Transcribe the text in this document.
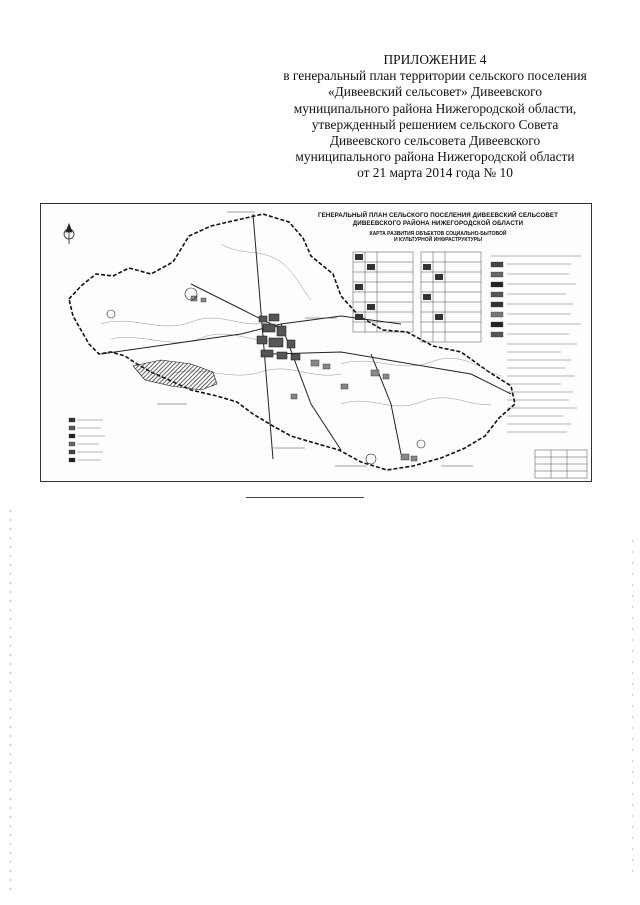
ПРИЛОЖЕНИЕ 4
в генеральный план территории сельского поселения
«Дивеевский сельсовет» Дивеевского
муниципального района Нижегородской области,
утвержденный решением сельского Совета
Дивеевского сельсовета Дивеевского
муниципального района Нижегородской области
от 21 марта 2014 года № 10
ГЕНЕРАЛЬНЫЙ ПЛАН СЕЛЬСКОГО ПОСЕЛЕНИЯ ДИВЕЕВСКИЙ СЕЛЬСОВЕТ
ДИВЕЕВСКОГО РАЙОНА НИЖЕГОРОДСКОЙ ОБЛАСТИ
КАРТА РАЗВИТИЯ ОБЪЕКТОВ СОЦИАЛЬНО-БЫТОВОЙ
И КУЛЬТУРНОЙ ИНФРАСТРУКТУРЫ
